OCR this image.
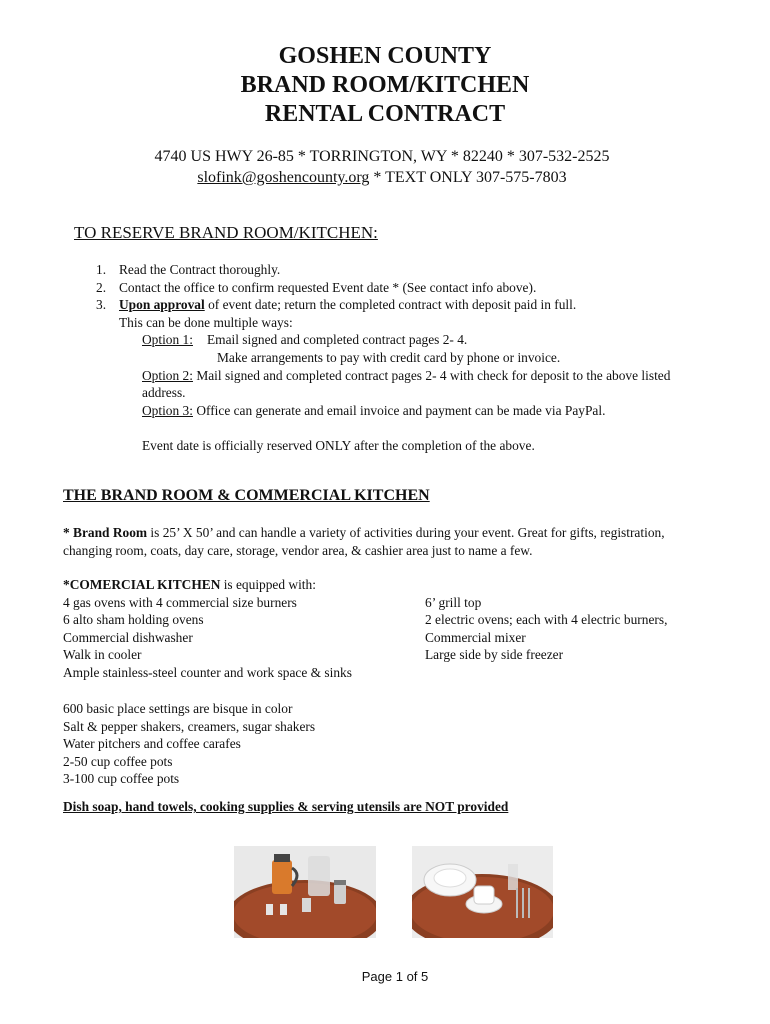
GOSHEN COUNTY
BRAND ROOM/KITCHEN
RENTAL CONTRACT
4740 US HWY 26-85 * TORRINGTON, WY * 82240 * 307-532-2525
slofink@goshencounty.org * TEXT ONLY 307-575-7803
TO RESERVE BRAND ROOM/KITCHEN:
1. Read the Contract thoroughly.
2. Contact the office to confirm requested Event date * (See contact info above).
3. Upon approval of event date; return the completed contract with deposit paid in full.
This can be done multiple ways:
Option 1: Email signed and completed contract pages 2- 4.
Make arrangements to pay with credit card by phone or invoice.
Option 2: Mail signed and completed contract pages 2- 4 with check for deposit to the above listed
address.
Option 3: Office can generate and email invoice and payment can be made via PayPal.
Event date is officially reserved ONLY after the completion of the above.
THE BRAND ROOM & COMMERCIAL KITCHEN

* Brand Room is 25’ X 50’ and can handle a variety of activities during your event. Great for gifts, registration,

changing room, coats, day care, storage, vendor area, & cashier area just to name a few.

*COMERCIAL KITCHEN is equipped with:
4 gas ovens with 4 commercial size burners
6 alto sham holding ovens
Commercial dishwasher
Walk in cooler
Ample stainless-steel counter and work space & sinks
6’ grill top
2 electric ovens; each with 4 electric burners,
Commercial mixer
Large side by side freezer
600 basic place settings are bisque in color
Salt & pepper shakers, creamers, sugar shakers
Water pitchers and coffee carafes
2-50 cup coffee pots
3-100 cup coffee pots
Dish soap, hand towels, cooking supplies & serving utensils are NOT provided
Page 1 of 5
